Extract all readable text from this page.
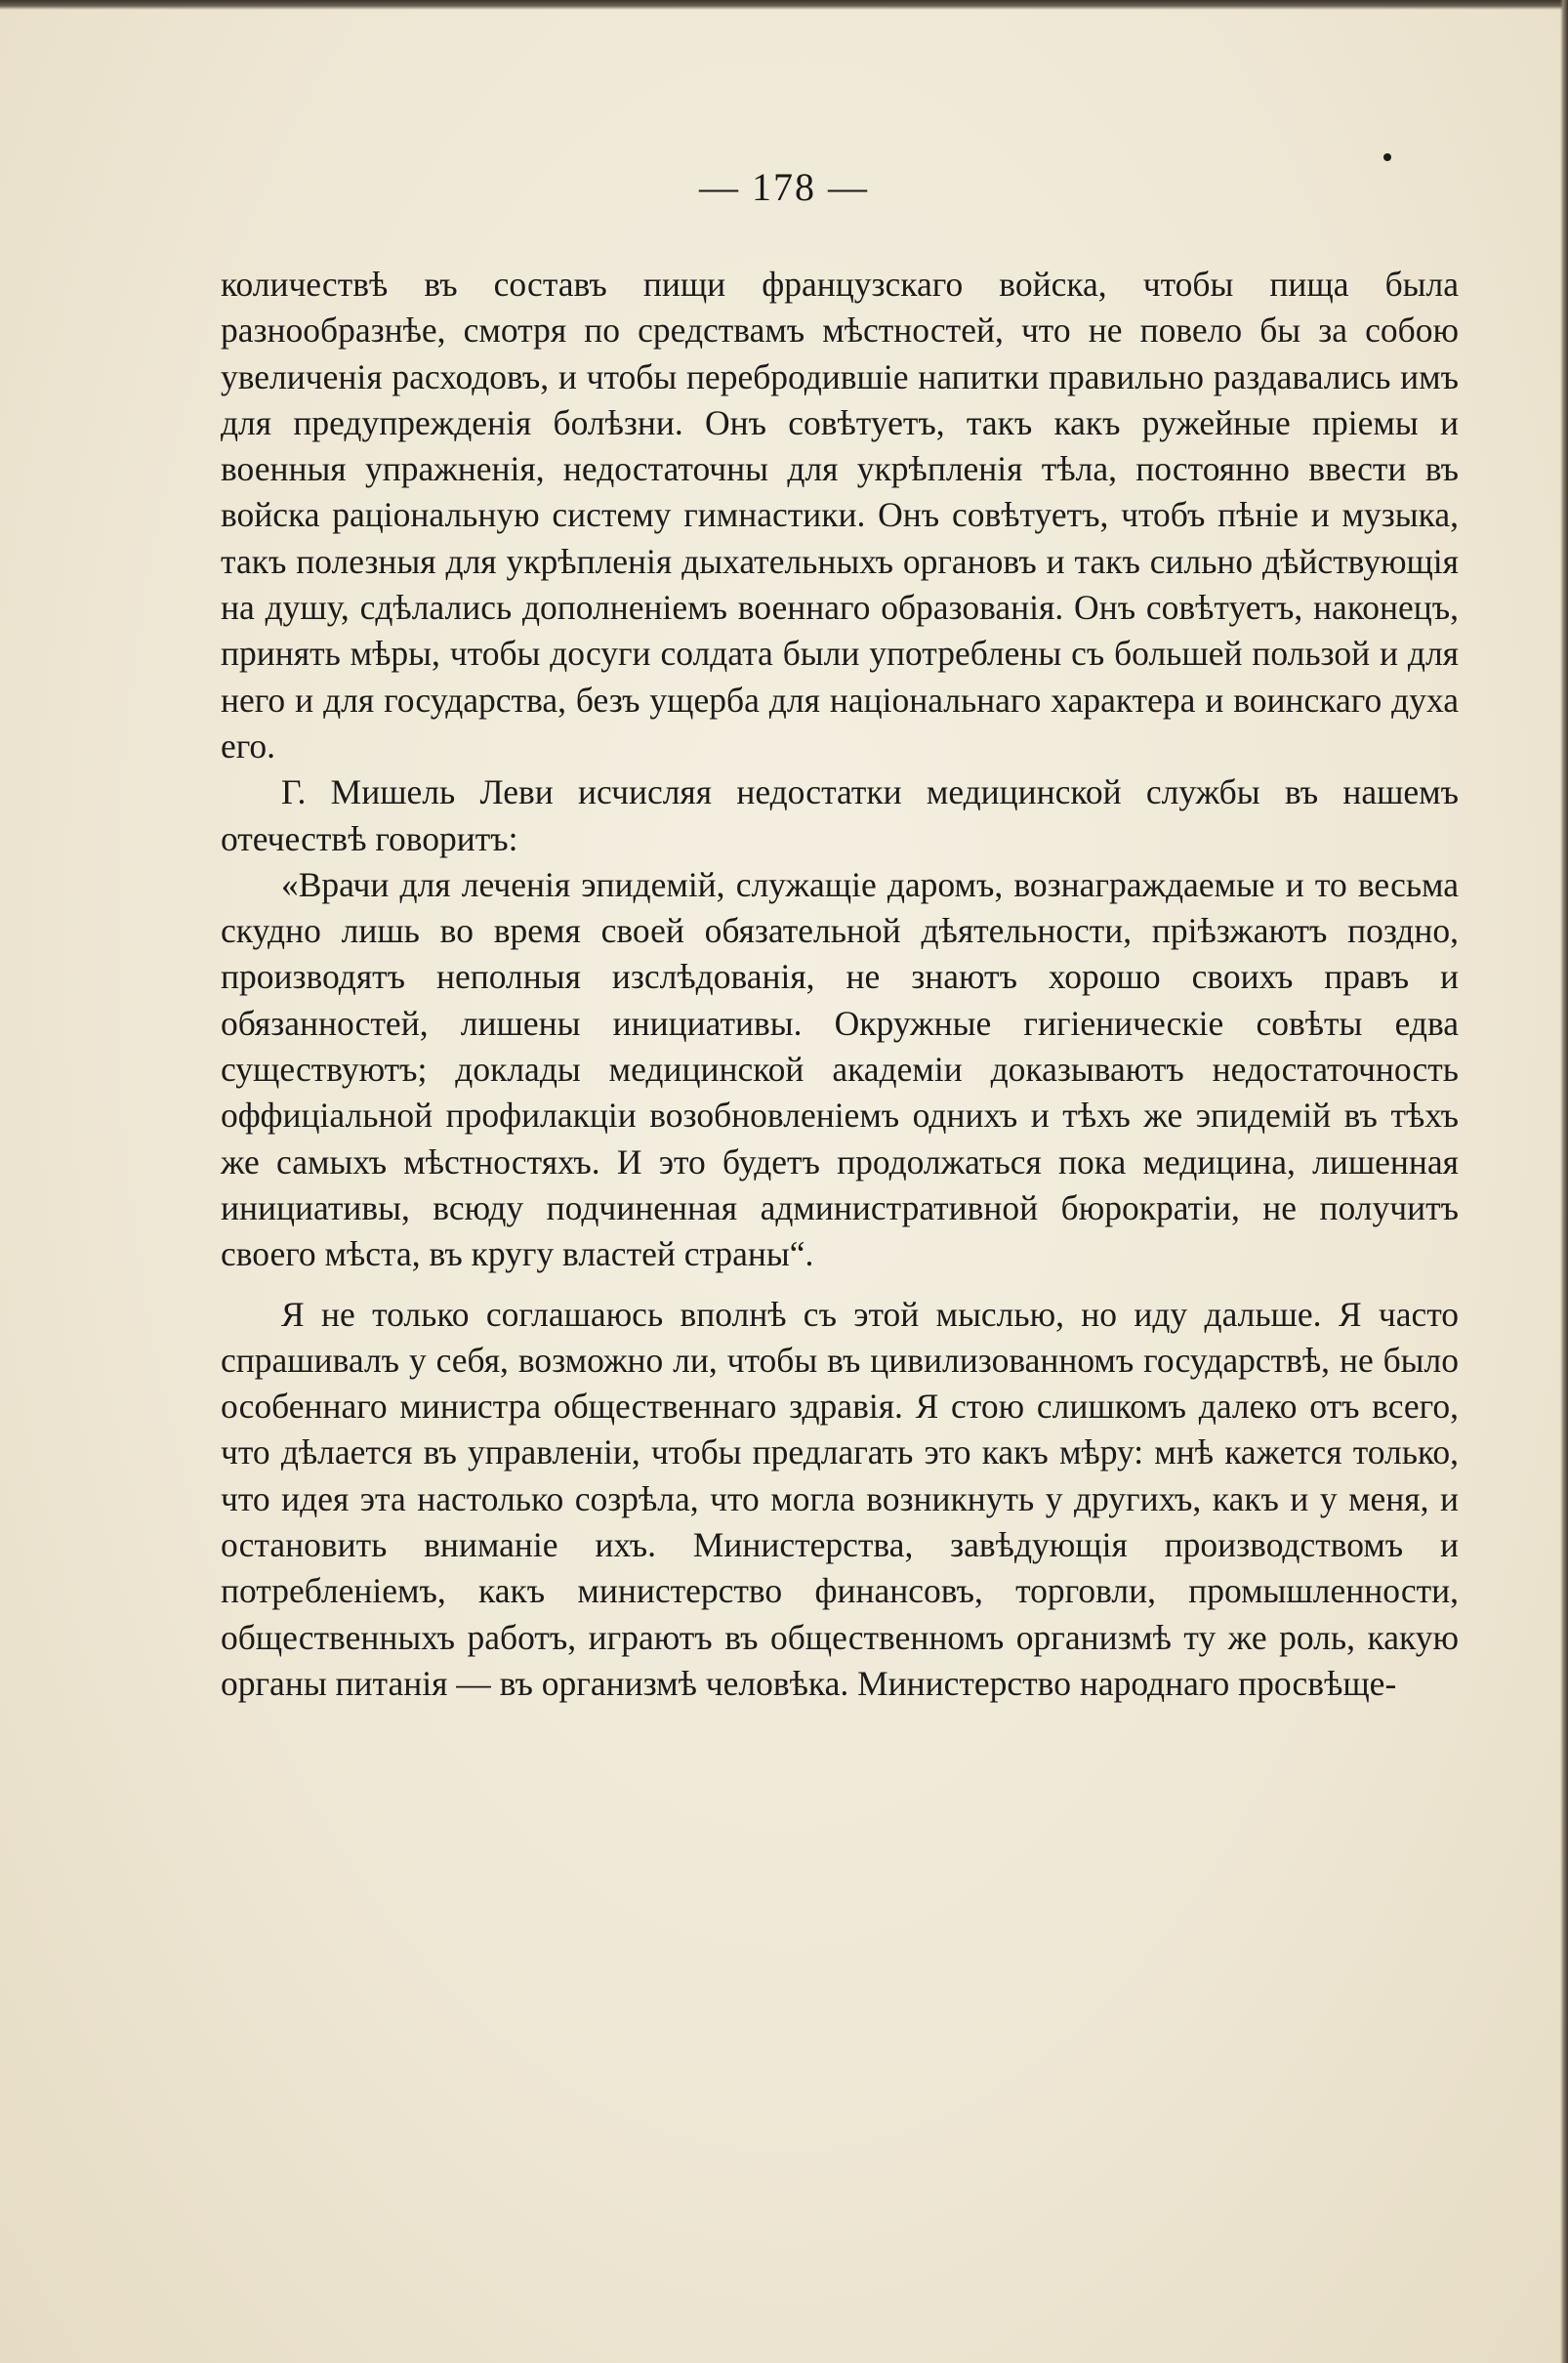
— 178 —

количествѣ въ составъ пищи французскаго войска, чтобы пища была разнообразнѣе, смотря по средствамъ мѣстностей, что не повело бы за собою увеличенія расходовъ, и чтобы перебродившіе напитки правильно раздавались имъ для предупрежденія болѣзни. Онъ совѣтуетъ, такъ какъ ружейные пріемы и военныя упражненія, недостаточны для укрѣпленія тѣла, постоянно ввести въ войска раціональную систему гимнастики. Онъ совѣтуетъ, чтобъ пѣніе и музыка, такъ полезныя для укрѣпленія дыхательныхъ органовъ и такъ сильно дѣйствующія на душу, сдѣлались дополненіемъ военнаго образованія. Онъ совѣтуетъ, наконецъ, принять мѣры, чтобы досуги солдата были употреблены съ большей пользой и для него и для государства, безъ ущерба для національнаго характера и воинскаго духа его.

Г. Мишель Леви исчисляя недостатки медицинской службы въ нашемъ отечествѣ говоритъ:

«Врачи для леченія эпидемій, служащіе даромъ, вознаграждаемые и то весьма скудно лишь во время своей обязательной дѣятельности, пріѣзжаютъ поздно, производятъ неполныя изслѣдованія, не знаютъ хорошо своихъ правъ и обязанностей, лишены инициативы. Окружные гигіеническіе совѣты едва существуютъ; доклады медицинской академіи доказываютъ недостаточность оффиціальной профилакціи возобновленіемъ однихъ и тѣхъ же эпидемій въ тѣхъ же самыхъ мѣстностяхъ. И это будетъ продолжаться пока медицина, лишенная инициативы, всюду подчиненная административной бюрократіи, не получитъ своего мѣста, въ кругу властей страны“.

Я не только соглашаюсь вполнѣ съ этой мыслью, но иду дальше. Я часто спрашивалъ у себя, возможно ли, чтобы въ цивилизованномъ государствѣ, не было особеннаго министра общественнаго здравія. Я стою слишкомъ далеко отъ всего, что дѣлается въ управленіи, чтобы предлагать это какъ мѣру: мнѣ кажется только, что идея эта настолько созрѣла, что могла возникнуть у другихъ, какъ и у меня, и остановить вниманіе ихъ. Министерства, завѣдующія производствомъ и потребленіемъ, какъ министерство финансовъ, торговли, промышленности, общественныхъ работъ, играютъ въ общественномъ организмѣ ту же роль, какую органы питанія — въ организмѣ человѣка. Министерство народнаго просвѣще-
